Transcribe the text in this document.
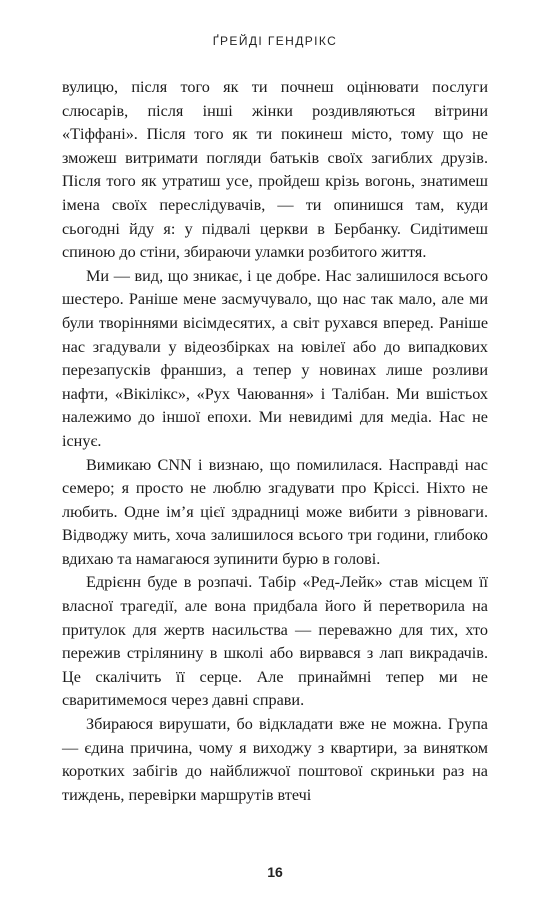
ҐРЕЙДІ ГЕНДРІКС

вулицю, після того як ти почнеш оцінювати послуги слюсарів, після інші жінки роздивляються вітрини «Тіффані». Після того як ти покинеш місто, тому що не зможеш витримати погляди батьків своїх загиблих друзів. Після того як утратиш усе, пройдеш крізь вогонь, знатимеш імена своїх переслідувачів, — ти опинишся там, куди сьогодні йду я: у підвалі церкви в Бербанку. Сидітимеш спиною до стіни, збираючи уламки розбитого життя.

Ми — вид, що зникає, і це добре. Нас залишилося всього шестеро. Раніше мене засмучувало, що нас так мало, але ми були творіннями вісімдесятих, а світ рухався вперед. Раніше нас згадували у відеозбірках на ювілеї або до випадкових перезапусків франшиз, а тепер у новинах лише розливи нафти, «Вікілікс», «Рух Чаювання» і Талібан. Ми вшістьох належимо до іншої епохи. Ми невидимі для медіа. Нас не існує.

Вимикаю CNN і визнаю, що помилилася. Насправді нас семеро; я просто не люблю згадувати про Кріссі. Ніхто не любить. Одне ім’я цієї здрадниці може вибити з рівноваги. Відводжу мить, хоча залишилося всього три години, глибоко вдихаю та намагаюся зупинити бурю в голові.

Едрієнн буде в розпачі. Табір «Ред-Лейк» став місцем її власної трагедії, але вона придбала його й перетворила на притулок для жертв насильства — переважно для тих, хто пережив стрілянину в школі або вирвався з лап викрадачів. Це скалічить її серце. Але принаймні тепер ми не сваритимемося через давні справи.

Збираюся вирушати, бо відкладати вже не можна. Група — єдина причина, чому я виходжу з квартири, за винятком коротких забігів до найближчої поштової скриньки раз на тиждень, перевірки маршрутів втечі

16
